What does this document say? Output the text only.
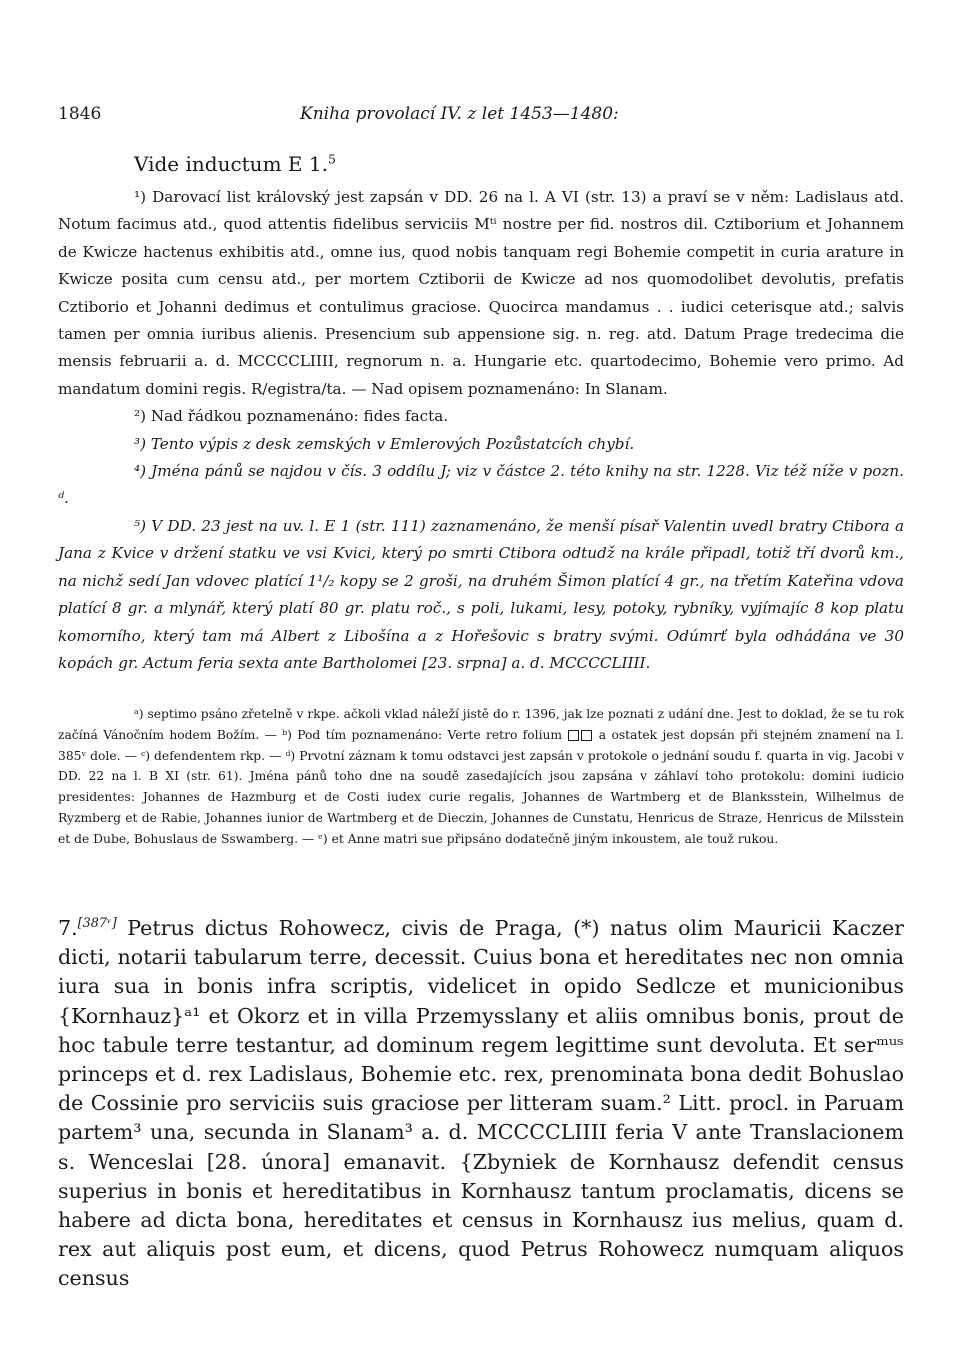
1846	Kniha provolací IV. z let 1453—1480:
Vide inductum E 1.$^5$

¹) Darovací list královský jest zapsán v DD. 26 na l. A VI (str. 13) a praví se v něm: Ladislaus atd. Notum facimus atd., quod attentis fidelibus serviciis Mᵗⁱ nostre per fid. nostros dil. Cztiborium et Johannem de Kwicze hactenus exhibitis atd., omne ius, quod nobis tanquam regi Bohemie competit in curia arature in Kwicze posita cum censu atd., per mortem Cztiborii de Kwicze ad nos quomodolibet devolutis, prefatis Cztiborio et Johanni dedimus et contulimus graciose. Quocirca mandamus . . iudici ceterisque atd.; salvis tamen per omnia iuribus alienis. Presencium sub appensione sig. n. reg. atd. Datum Prage tredecima die mensis februarii a. d. MCCCCLIIII, regnorum n. a. Hungarie etc. quartodecimo, Bohemie vero primo. Ad mandatum domini regis. R/egistra/ta. — Nad opisem poznamenáno: In Slanam.

²) Nad řádkou poznamenáno: fides facta.

³) Tento výpis z desk zemských v Emlerových Pozůstatcích chybí.

⁴) Jména pánů se najdou v čís. 3 oddílu J; viz v částce 2. této knihy na str. 1228. Viz též níže v pozn. ᵈ.

⁵) V DD. 23 jest na uv. l. E 1 (str. 111) zaznamenáno, že menší písař Valentin uvedl bratry Ctibora a Jana z Kvice v držení statku ve vsi Kvici, který po smrti Ctibora odtudž na krále připadl, totiž tří dvorů km., na nichž sedí Jan vdovec platící 1¹/₂ kopy se 2 groši, na druhém Šimon platící 4 gr., na třetím Kateřina vdova platící 8 gr. a mlynář, který platí 80 gr. platu roč., s poli, lukami, lesy, potoky, rybníky, vyjímajíc 8 kop platu komorního, který tam má Albert z Libošína a z Hořešovic s bratry svými. Odúmrť byla odhádána ve 30 kopách gr. Actum feria sexta ante Bartholomei [23. srpna] a. d. MCCCCLIIII.

ᵃ) septimo psáno zřetelně v rkpe. ačkoli vklad náleží jistě do r. 1396, jak lze poznati z udání dne. Jest to doklad, že se tu rok začíná Vánočním hodem Božím. — ᵇ) Pod tím poznamenáno: Verte retro folium	a ostatek jest dopsán při stejném znamení na l. 385ᵛ dole. — ᶜ) defendentem rkp. — ᵈ) Prvotní záznam k tomu odstavci jest zapsán v protokole o jednání soudu f. quarta in vig. Jacobi v DD. 22 na l. B XI (str. 61). Jména pánů toho dne na soudě zasedajících jsou zapsána v záhlaví toho protokolu: domini iudicio presidentes: Johannes de Hazmburg et de Costi iudex curie regalis, Johannes de Wartmberg et de Blanksstein, Wilhelmus de Ryzmberg et de Rabie, Johannes iunior de Wartmberg et de Dieczin, Johannes de Cunstatu, Henricus de Straze, Henricus de Milsstein et de Dube, Bohuslaus de Sswamberg. — ᵉ) et Anne matri sue připsáno dodatečně jiným inkoustem, ale touž rukou.

7.[387ᵛ] Petrus dictus Rohowecz, civis de Praga, (*) natus olim Mauricii Kaczer dicti, notarii tabularum terre, decessit. Cuius bona et hereditates nec non omnia iura sua in bonis infra scriptis, videlicet in opido Sedlcze et municionibus {Kornhauz}ᵃ¹ et Okorz et in villa Przemysslany et aliis omnibus bonis, prout de hoc tabule terre testantur, ad dominum regem legittime sunt devoluta. Et serᵐᵘˢ princeps et d. rex Ladislaus, Bohemie etc. rex, prenominata bona dedit Bohuslao de Cossinie pro serviciis suis graciose per litteram suam.² Litt. procl. in Paruam partem³ una, secunda in Slanam³ a. d. MCCCCLIIII feria V ante Translacionem s. Wenceslai [28. února] emanavit. {Zbyniek de Kornhausz defendit census superius in bonis et hereditatibus in Kornhausz tantum proclamatis, dicens se habere ad dicta bona, hereditates et census in Kornhausz ius melius, quam d. rex aut aliquis post eum, et dicens, quod Petrus Rohowecz numquam aliquos census
